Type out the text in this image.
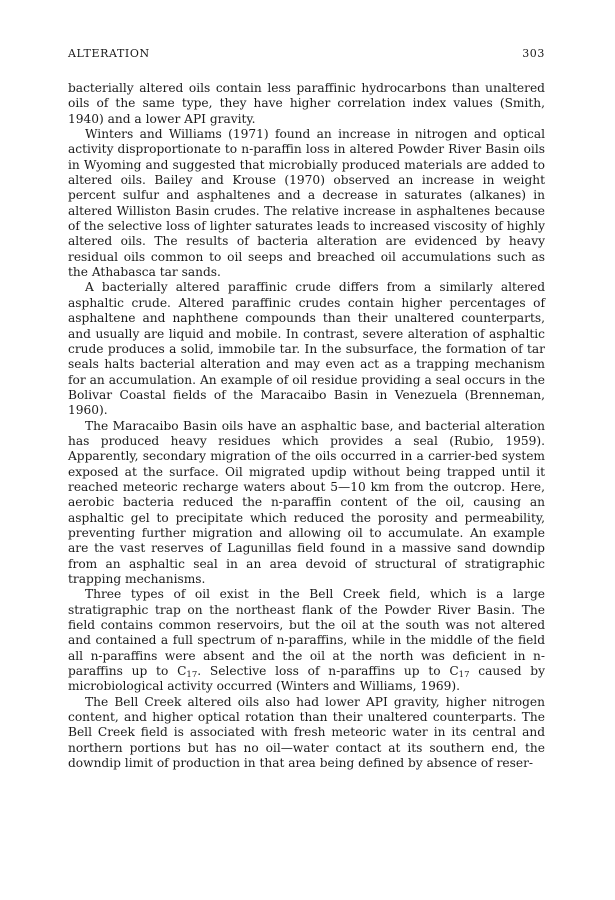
ALTERATION	303

bacterially altered oils contain less paraffinic hydrocarbons than unaltered oils of the same type, they have higher correlation index values (Smith, 1940) and a lower API gravity.

Winters and Williams (1971) found an increase in nitrogen and optical activity disproportionate to n-paraffin loss in altered Powder River Basin oils in Wyoming and suggested that microbially produced materials are added to altered oils. Bailey and Krouse (1970) observed an increase in weight percent sulfur and asphaltenes and a decrease in saturates (alkanes) in altered Williston Basin crudes. The relative increase in asphaltenes because of the selective loss of lighter saturates leads to increased viscosity of highly altered oils. The results of bacteria alteration are evidenced by heavy residual oils common to oil seeps and breached oil accumulations such as the Athabasca tar sands.

A bacterially altered paraffinic crude differs from a similarly altered asphaltic crude. Altered paraffinic crudes contain higher percentages of asphaltene and naphthene compounds than their unaltered counterparts, and usually are liquid and mobile. In contrast, severe alteration of asphaltic crude produces a solid, immobile tar. In the subsurface, the formation of tar seals halts bacterial alteration and may even act as a trapping mechanism for an accumulation. An example of oil residue providing a seal occurs in the Bolivar Coastal fields of the Maracaibo Basin in Venezuela (Brenneman, 1960).

The Maracaibo Basin oils have an asphaltic base, and bacterial alteration has produced heavy residues which provides a seal (Rubio, 1959). Apparently, secondary migration of the oils occurred in a carrier-bed system exposed at the surface. Oil migrated updip without being trapped until it reached meteoric recharge waters about 5—10 km from the outcrop. Here, aerobic bacteria reduced the n-paraffin content of the oil, causing an asphaltic gel to precipitate which reduced the porosity and permeability, preventing further migration and allowing oil to accumulate. An example are the vast reserves of Lagunillas field found in a massive sand downdip from an asphaltic seal in an area devoid of structural of stratigraphic trapping mechanisms.

Three types of oil exist in the Bell Creek field, which is a large stratigraphic trap on the northeast flank of the Powder River Basin. The field contains common reservoirs, but the oil at the south was not altered and contained a full spectrum of n-paraffins, while in the middle of the field all n-paraffins were absent and the oil at the north was deficient in n-paraffins up to $C_{17}$. Selective loss of n-paraffins up to $C_{17}$ caused by microbiological activity occurred (Winters and Williams, 1969).

The Bell Creek altered oils also had lower API gravity, higher nitrogen content, and higher optical rotation than their unaltered counterparts. The Bell Creek field is associated with fresh meteoric water in its central and northern portions but has no oil—water contact at its southern end, the downdip limit of production in that area being defined by absence of reser-
